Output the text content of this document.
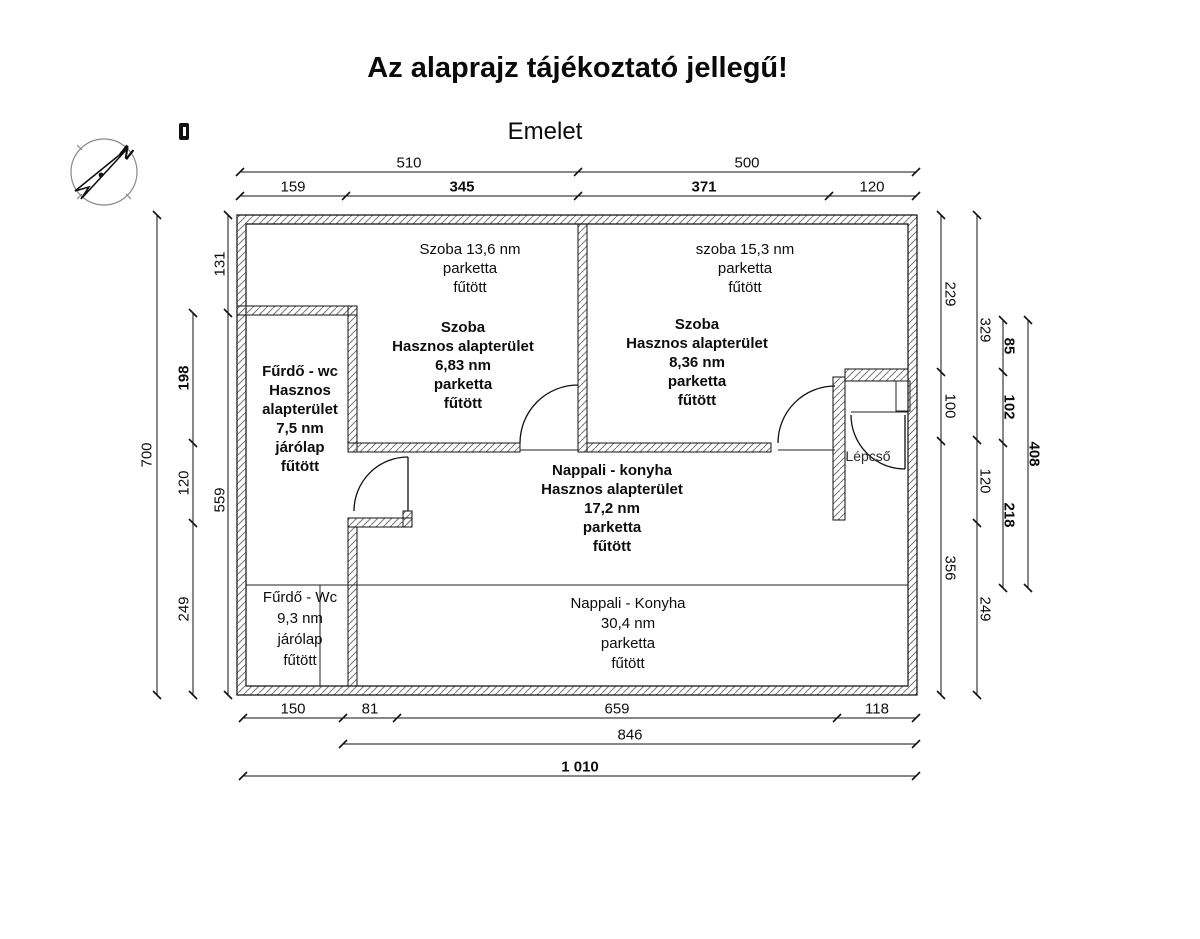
Az alaprajz tájékoztató jellegű!
Emelet
N
Szoba 13,6 nm
parketta
fűtött
szoba 15,3 nm
parketta
fűtött
Szoba
Hasznos alapterület
6,83 nm
parketta
fűtött
Szoba
Hasznos alapterület
8,36 nm
parketta
fűtött
Fűrdő - wc
Hasznos
alapterület
7,5 nm
járólap
fűtött	Nappali - konyha
Hasznos alapterület
17,2 nm
parketta
fűtött
Fűrdő - Wc
9,3 nm
járólap
fűtött
Nappali - Konyha
30,4 nm
parketta
fűtött
Lépcső
510	500
159	345	371	120
150	81	659	118
846
1 010
700
131
559
198
120
249
229
100
356
329
120
249
85
102
218
408
